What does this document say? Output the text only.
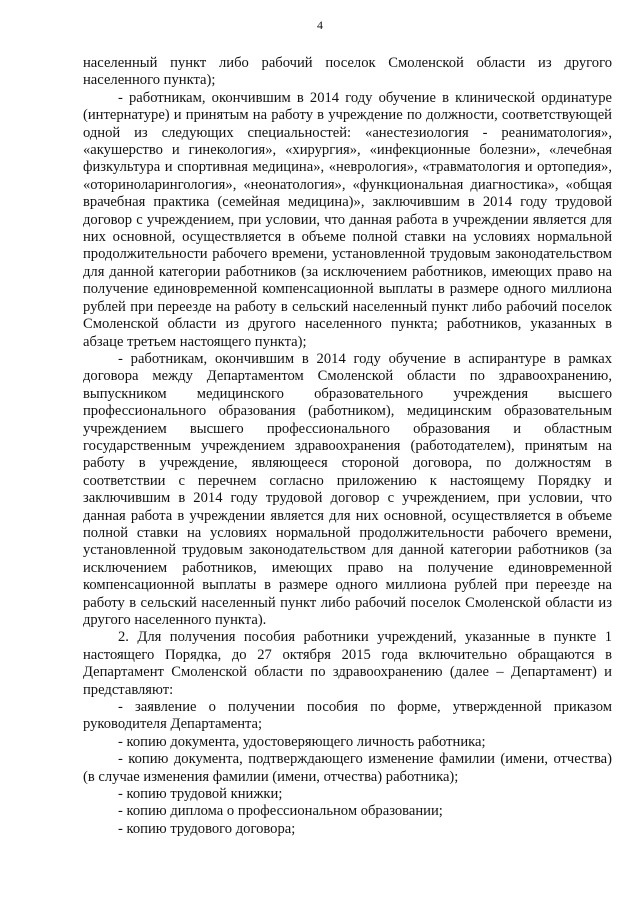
4

населенный пункт либо рабочий поселок Смоленской области из другого населенного пункта);

- работникам, окончившим в 2014 году обучение в клинической ординатуре (интернатуре) и принятым на работу в учреждение по должности, соответствующей одной из следующих специальностей: «анестезиология - реаниматология», «акушерство и гинекология», «хирургия», «инфекционные болезни», «лечебная физкультура и спортивная медицина», «неврология», «травматология и ортопедия», «оториноларингология», «неонатология», «функциональная диагностика», «общая врачебная практика (семейная медицина)», заключившим в 2014 году трудовой договор с учреждением, при условии, что данная работа в учреждении является для них основной, осуществляется в объеме полной ставки на условиях нормальной продолжительности рабочего времени, установленной трудовым законодательством для данной категории работников (за исключением работников, имеющих право на получение единовременной компенсационной выплаты в размере одного миллиона рублей при переезде на работу в сельский населенный пункт либо рабочий поселок Смоленской области из другого населенного пункта; работников, указанных в абзаце третьем настоящего пункта);

- работникам, окончившим в 2014 году обучение в аспирантуре в рамках договора между Департаментом Смоленской области по здравоохранению, выпускником медицинского образовательного учреждения высшего профессионального образования (работником), медицинским образовательным учреждением высшего профессионального образования и областным государственным учреждением здравоохранения (работодателем), принятым на работу в учреждение, являющееся стороной договора, по должностям в соответствии с перечнем согласно приложению к настоящему Порядку и заключившим в 2014 году трудовой договор с учреждением, при условии, что данная работа в учреждении является для них основной, осуществляется в объеме полной ставки на условиях нормальной продолжительности рабочего времени, установленной трудовым законодательством для данной категории работников (за исключением работников, имеющих право на получение единовременной компенсационной выплаты в размере одного миллиона рублей при переезде на работу в сельский населенный пункт либо рабочий поселок Смоленской области из другого населенного пункта).

2. Для получения пособия работники учреждений, указанные в пункте 1 настоящего Порядка, до 27 октября 2015 года включительно обращаются в Департамент Смоленской области по здравоохранению (далее – Департамент) и представляют:

- заявление о получении пособия по форме, утвержденной приказом руководителя Департамента;

- копию документа, удостоверяющего личность работника;

- копию документа, подтверждающего изменение фамилии (имени, отчества) (в случае изменения фамилии (имени, отчества) работника);

- копию трудовой книжки;

- копию диплома о профессиональном образовании;

- копию трудового договора;
